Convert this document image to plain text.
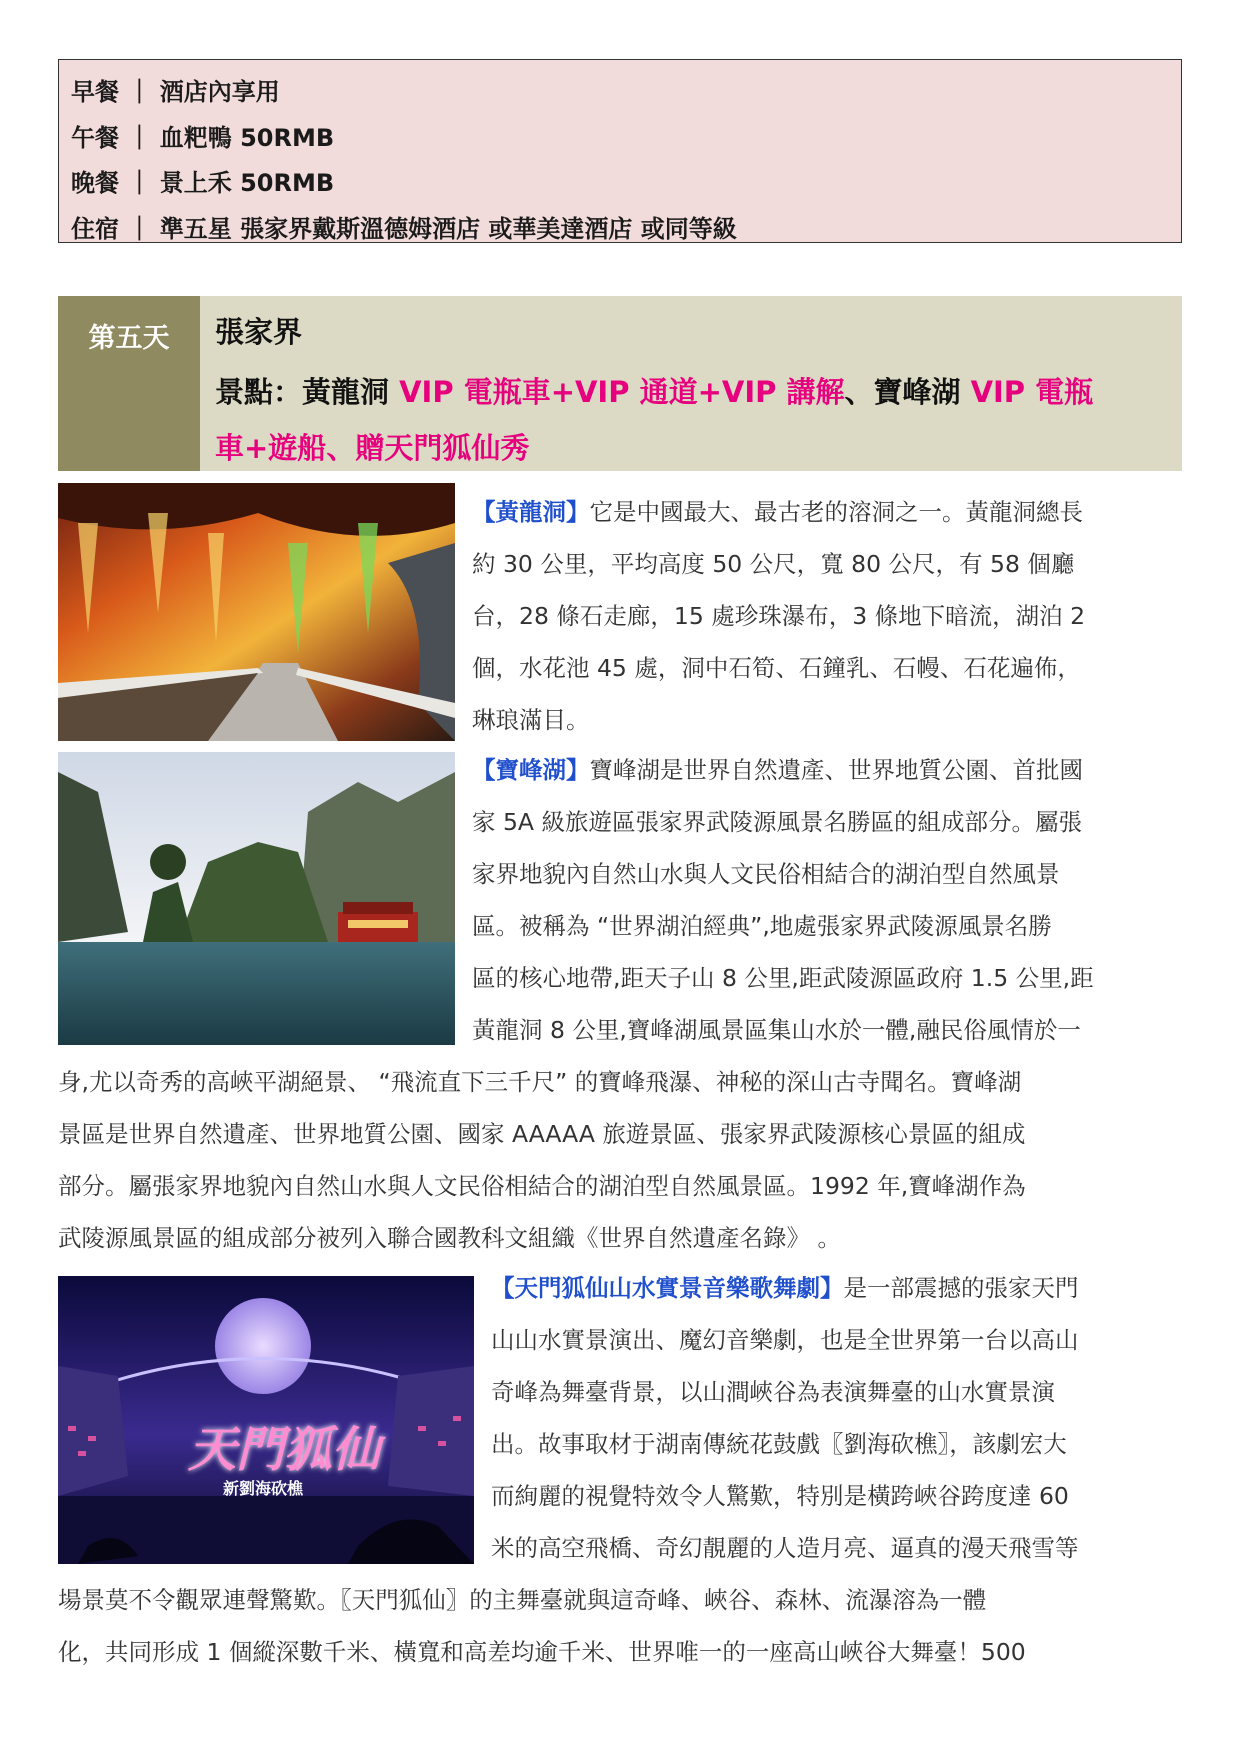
早餐 ｜ 酒店內享用
午餐 ｜ 血粑鴨 50RMB
晚餐 ｜ 景上禾 50RMB
住宿 ｜ 準五星 張家界戴斯溫德姆酒店 或華美達酒店 或同等級
第五天	張家界
景點：黃龍洞 VIP 電瓶車+VIP 通道+VIP 講解、寶峰湖 VIP 電瓶
車+遊船、贈天門狐仙秀
【黃龍洞】它是中國最大、最古老的溶洞之一。黃龍洞總長
約 30 公里，平均高度 50 公尺，寬 80 公尺，有 58 個廳
台，28 條石走廊，15 處珍珠瀑布，3 條地下暗流，湖泊 2
個，水花池 45 處，洞中石筍、石鐘乳、石幔、石花遍佈，
琳琅滿目。
【寶峰湖】寶峰湖是世界自然遺產、世界地質公園、首批國
家 5A 級旅遊區張家界武陵源風景名勝區的組成部分。屬張
家界地貌內自然山水與人文民俗相結合的湖泊型自然風景
區。被稱為 “世界湖泊經典”,地處張家界武陵源風景名勝
區的核心地帶,距天子山 8 公里,距武陵源區政府 1.5 公里,距
黃龍洞 8 公里,寶峰湖風景區集山水於一體,融民俗風情於一
身,尤以奇秀的高峽平湖絕景、 “飛流直下三千尺” 的寶峰飛瀑、神秘的深山古寺聞名。寶峰湖
景區是世界自然遺產、世界地質公園、國家 AAAAA 旅遊景區、張家界武陵源核心景區的組成
部分。屬張家界地貌內自然山水與人文民俗相結合的湖泊型自然風景區。1992 年,寶峰湖作為
武陵源風景區的組成部分被列入聯合國教科文組織《世界自然遺產名錄》 。
天門狐仙
新劉海砍樵
【天門狐仙山水實景音樂歌舞劇】是一部震撼的張家天門
山山水實景演出、魔幻音樂劇，也是全世界第一台以高山
奇峰為舞臺背景，以山澗峽谷為表演舞臺的山水實景演
出。故事取材于湖南傳統花鼓戲〖劉海砍樵〗，該劇宏大
而絢麗的視覺特效令人驚歎，特別是橫跨峽谷跨度達 60
米的高空飛橋、奇幻靚麗的人造月亮、逼真的漫天飛雪等
場景莫不令觀眾連聲驚歎。〖天門狐仙〗的主舞臺就與這奇峰、峽谷、森林、流瀑溶為一體
化，共同形成 1 個縱深數千米、橫寬和高差均逾千米、世界唯一的一座高山峽谷大舞臺！500
